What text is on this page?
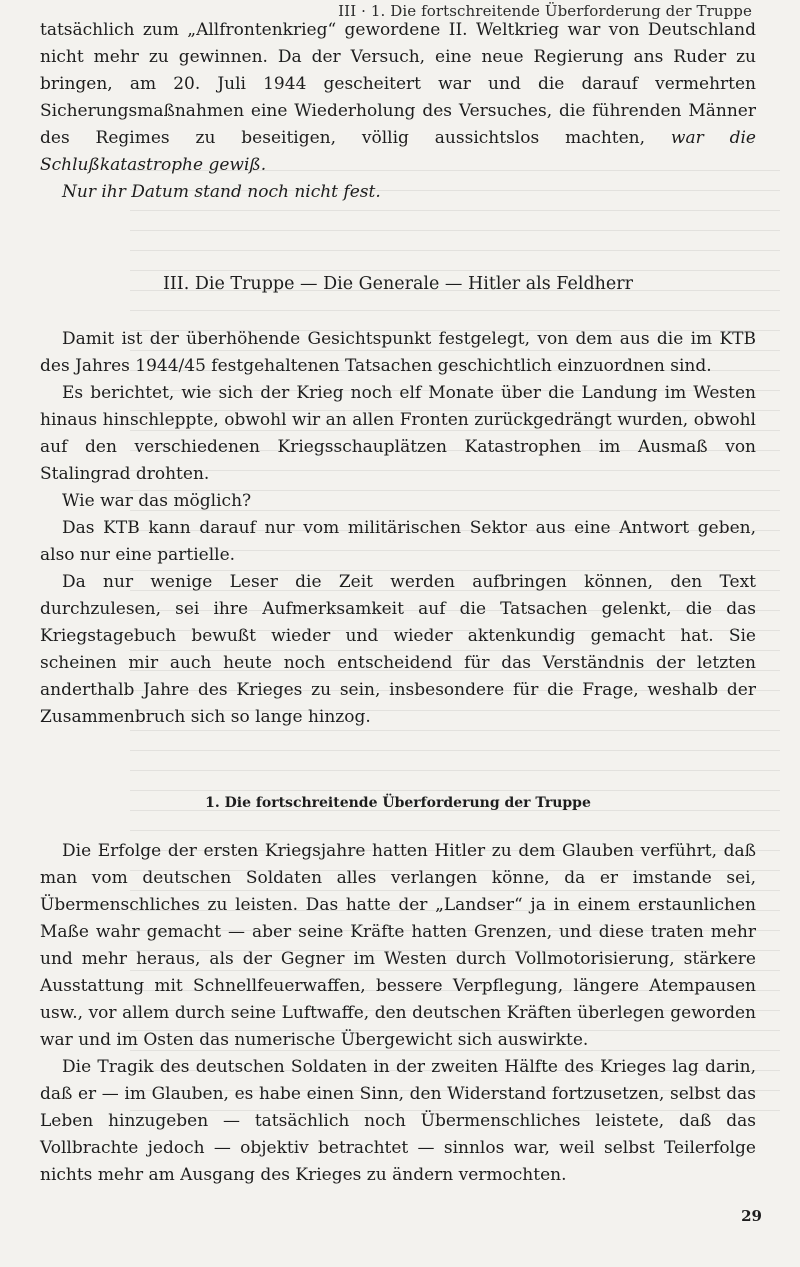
III · 1. Die fortschreitende Überforderung der Truppe

tatsächlich zum „Allfrontenkrieg“ gewordene II. Weltkrieg war von Deutschland nicht mehr zu gewinnen. Da der Versuch, eine neue Regierung ans Ruder zu bringen, am 20. Juli 1944 gescheitert war und die darauf vermehrten Sicherungsmaßnahmen eine Wiederholung des Versuches, die führenden Männer des Regimes zu beseitigen, völlig aussichtslos machten, war die Schlußkatastrophe gewiß.

Nur ihr Datum stand noch nicht fest.

III. Die Truppe — Die Generale — Hitler als Feldherr

Damit ist der überhöhende Gesichtspunkt festgelegt, von dem aus die im KTB des Jahres 1944/45 festgehaltenen Tatsachen geschichtlich einzuordnen sind.

Es berichtet, wie sich der Krieg noch elf Monate über die Landung im Westen hinaus hinschleppte, obwohl wir an allen Fronten zurückgedrängt wurden, obwohl auf den verschiedenen Kriegsschauplätzen Katastrophen im Ausmaß von Stalingrad drohten.

Wie war das möglich?

Das KTB kann darauf nur vom militärischen Sektor aus eine Antwort geben, also nur eine partielle.

Da nur wenige Leser die Zeit werden aufbringen können, den Text durchzulesen, sei ihre Aufmerksamkeit auf die Tatsachen gelenkt, die das Kriegstagebuch bewußt wieder und wieder aktenkundig gemacht hat. Sie scheinen mir auch heute noch entscheidend für das Verständnis der letzten anderthalb Jahre des Krieges zu sein, insbesondere für die Frage, weshalb der Zusammenbruch sich so lange hinzog.

1. Die fortschreitende Überforderung der Truppe

Die Erfolge der ersten Kriegsjahre hatten Hitler zu dem Glauben verführt, daß man vom deutschen Soldaten alles verlangen könne, da er imstande sei, Übermenschliches zu leisten. Das hatte der „Landser“ ja in einem erstaunlichen Maße wahr gemacht — aber seine Kräfte hatten Grenzen, und diese traten mehr und mehr heraus, als der Gegner im Westen durch Vollmotorisierung, stärkere Ausstattung mit Schnellfeuerwaffen, bessere Verpflegung, längere Atempausen usw., vor allem durch seine Luftwaffe, den deutschen Kräften überlegen geworden war und im Osten das numerische Übergewicht sich auswirkte.

Die Tragik des deutschen Soldaten in der zweiten Hälfte des Krieges lag darin, daß er — im Glauben, es habe einen Sinn, den Widerstand fortzusetzen, selbst das Leben hinzugeben — tatsächlich noch Übermenschliches leistete, daß das Vollbrachte jedoch — objektiv betrachtet — sinnlos war, weil selbst Teilerfolge nichts mehr am Ausgang des Krieges zu ändern vermochten.

29
